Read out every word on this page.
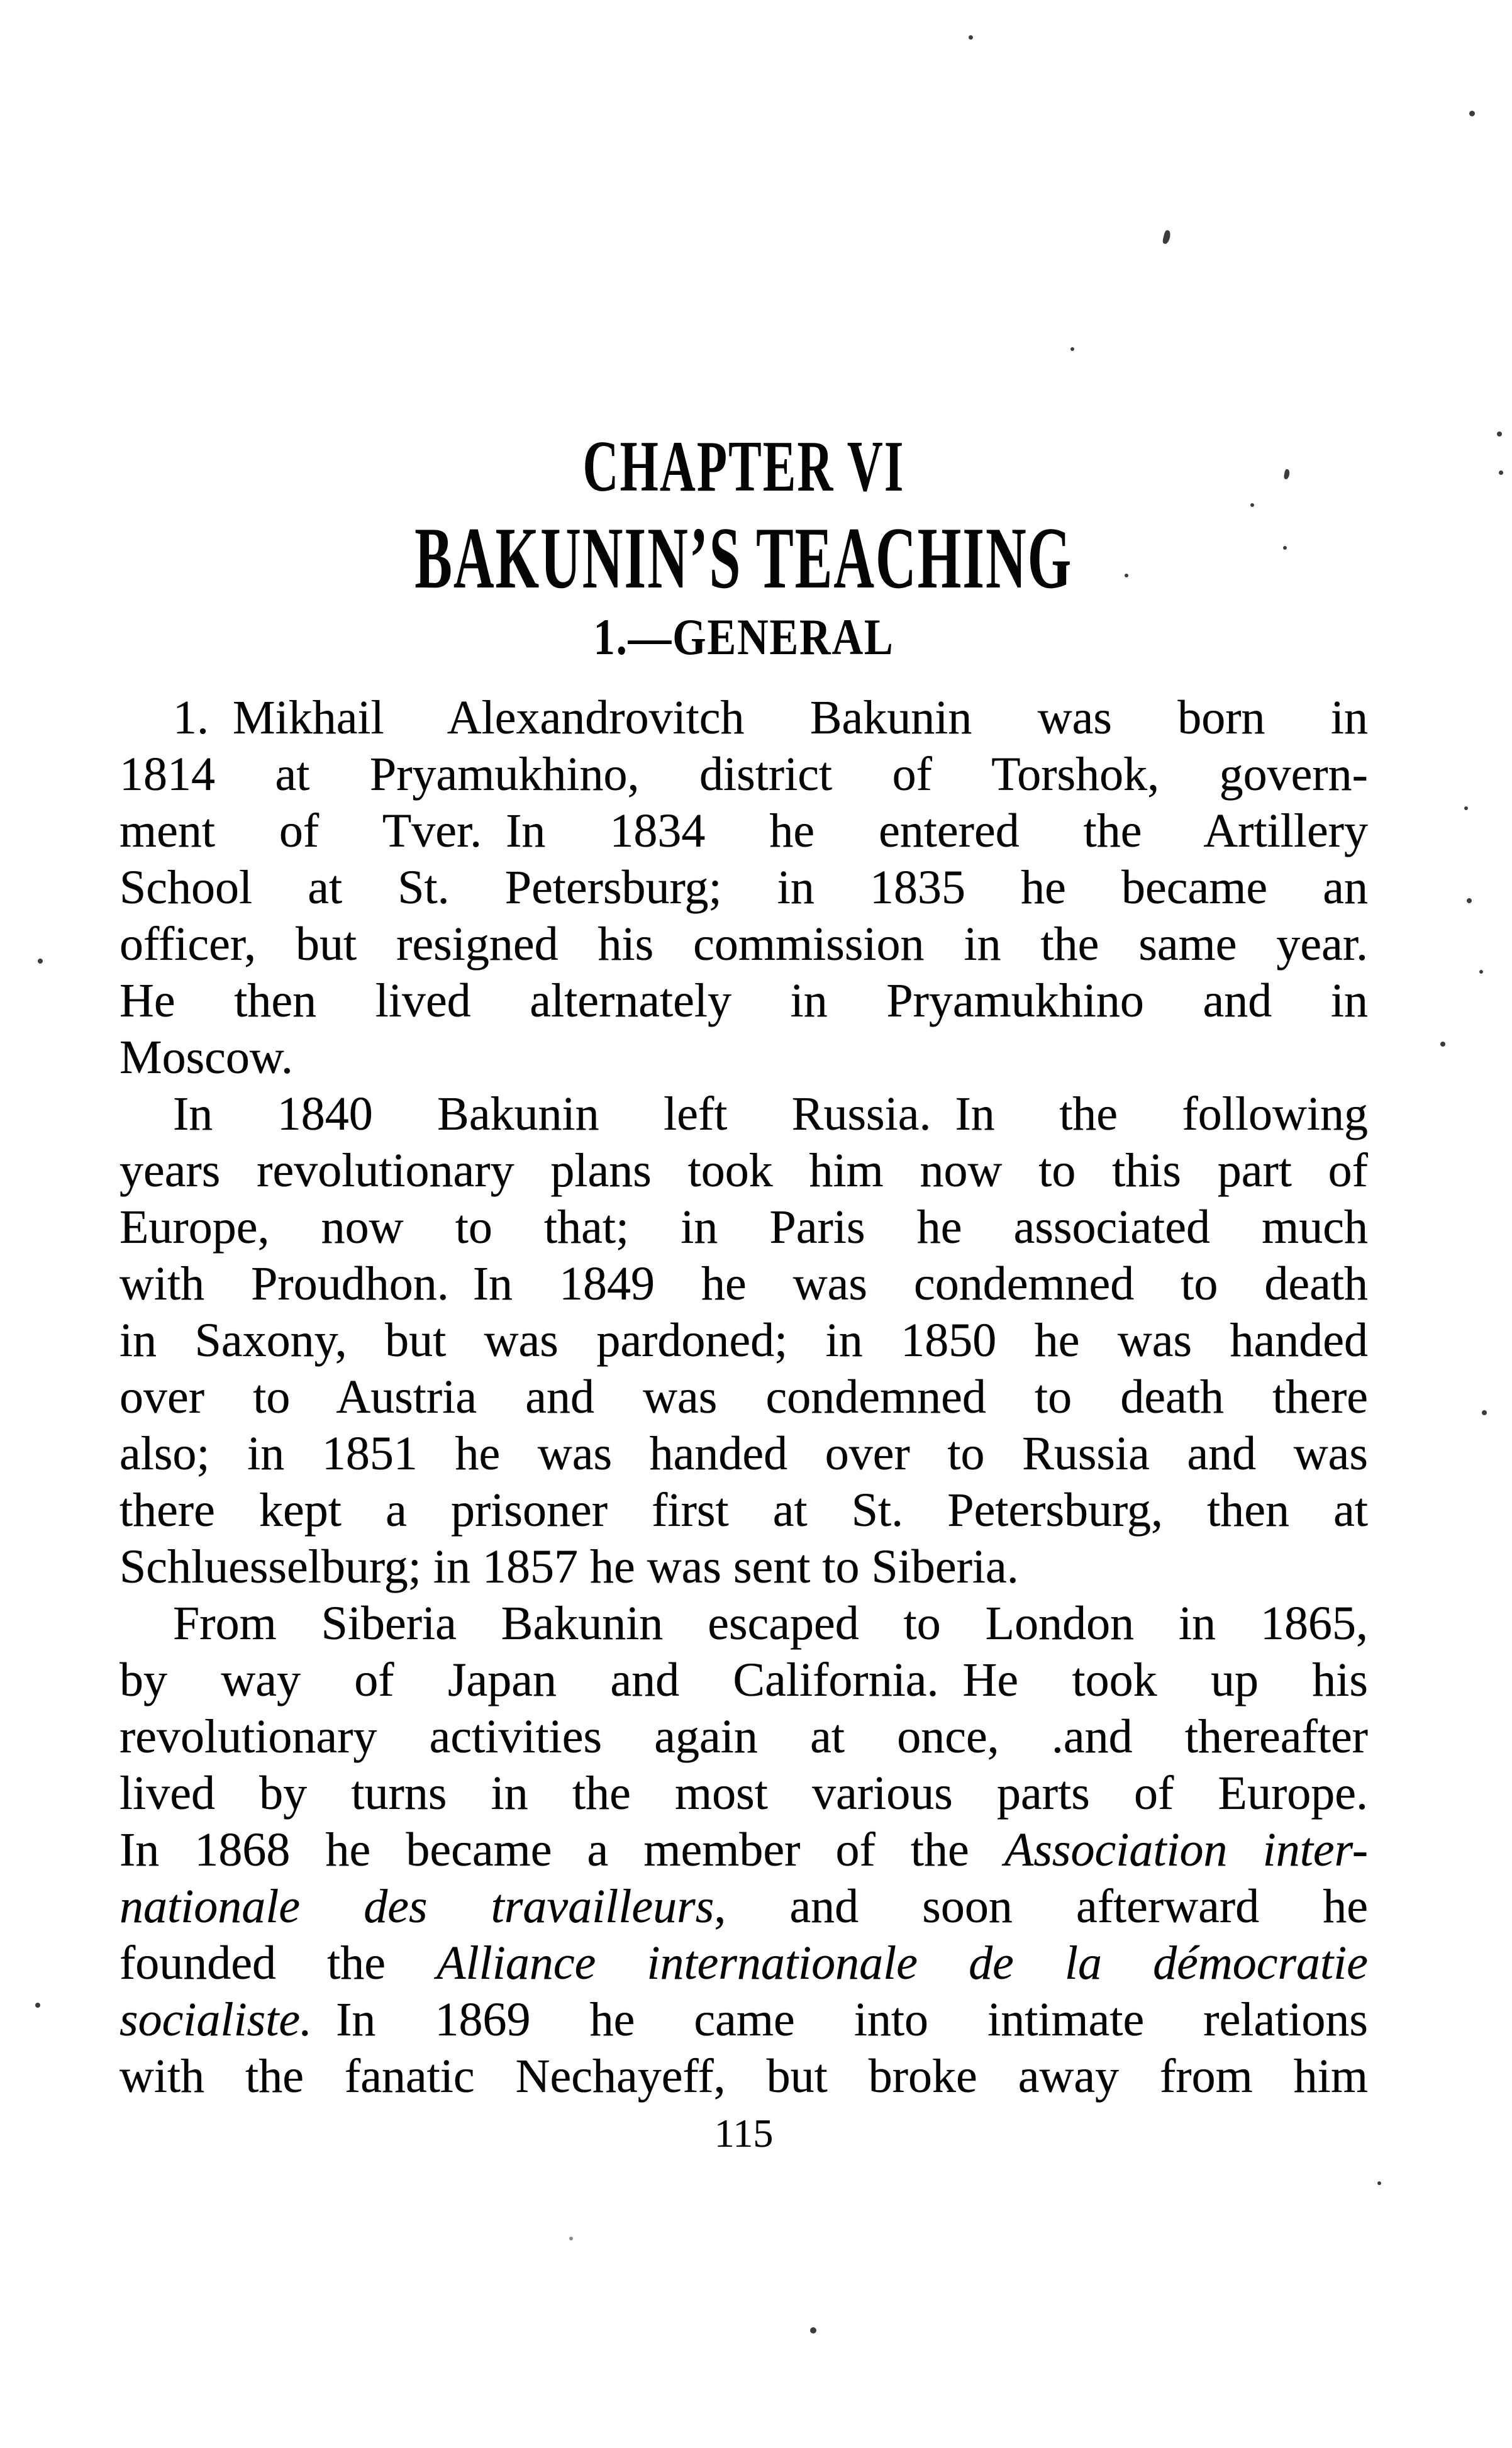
CHAPTER VI
BAKUNIN’S TEACHING
1.—GENERAL
1. Mikhail Alexandrovitch Bakunin was born in
1814 at Pryamukhino, district of Torshok, govern-
ment of Tver. In 1834 he entered the Artillery
School at St. Petersburg; in 1835 he became an
officer, but resigned his commission in the same year.
He then lived alternately in Pryamukhino and in
Moscow.
In 1840 Bakunin left Russia. In the following
years revolutionary plans took him now to this part of
Europe, now to that; in Paris he associated much
with Proudhon. In 1849 he was condemned to death
in Saxony, but was pardoned; in 1850 he was handed
over to Austria and was condemned to death there
also; in 1851 he was handed over to Russia and was
there kept a prisoner first at St. Petersburg, then at
Schluesselburg; in 1857 he was sent to Siberia.
From Siberia Bakunin escaped to London in 1865,
by way of Japan and California. He took up his
revolutionary activities again at once, .and thereafter
lived by turns in the most various parts of Europe.
In 1868 he became a member of the Association inter-
nationale des travailleurs, and soon afterward he
founded the Alliance internationale de la démocratie
socialiste. In 1869 he came into intimate relations
with the fanatic Nechayeff, but broke away from him
115
